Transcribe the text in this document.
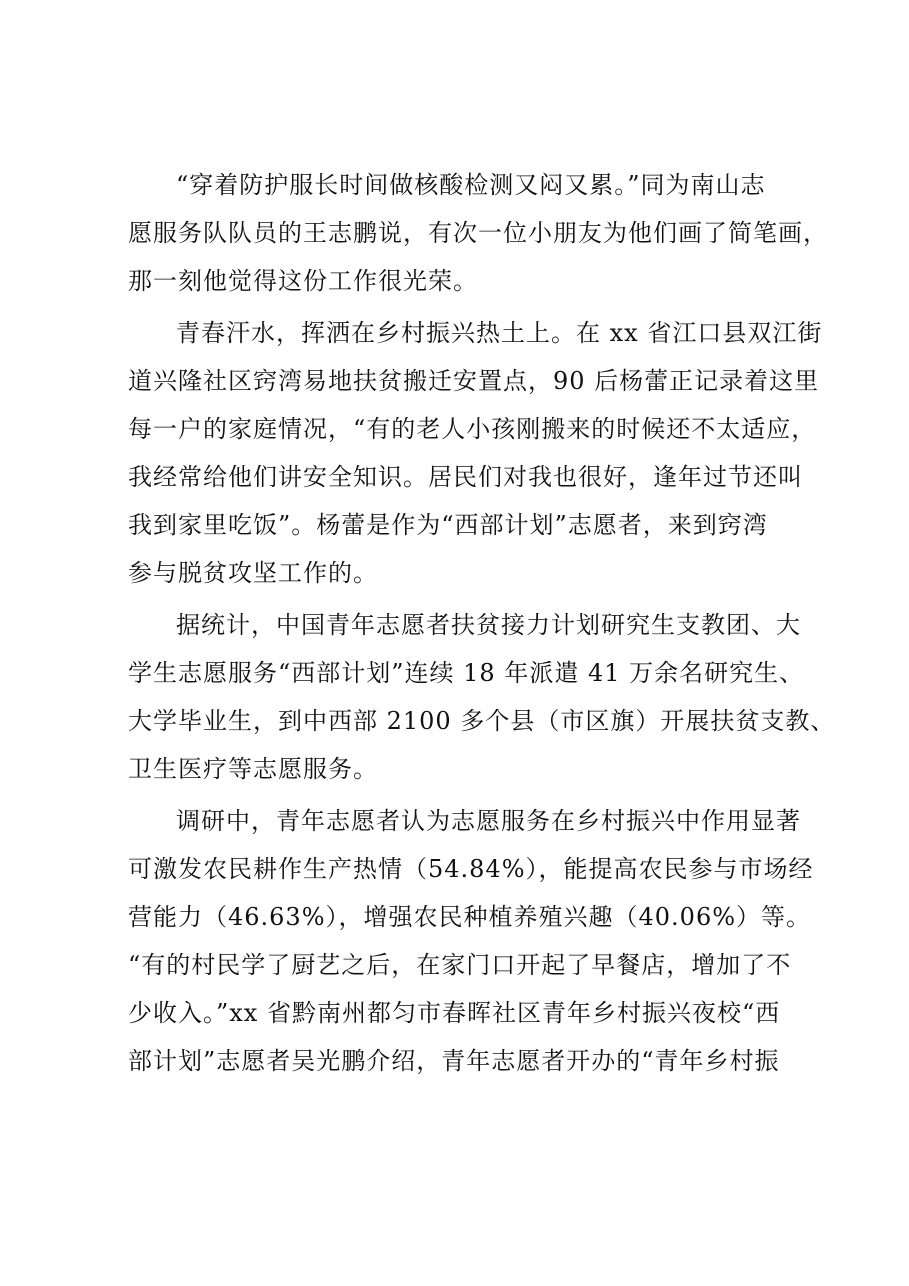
“穿着防护服长时间做核酸检测又闷又累。”同为南山志
愿服务队队员的王志鹏说，有次一位小朋友为他们画了简笔画，
那一刻他觉得这份工作很光荣。

青春汗水，挥洒在乡村振兴热土上。在 xx 省江口县双江街
道兴隆社区窍湾易地扶贫搬迁安置点，90 后杨蕾正记录着这里
每一户的家庭情况，“有的老人小孩刚搬来的时候还不太适应，
我经常给他们讲安全知识。居民们对我也很好，逢年过节还叫
我到家里吃饭”。杨蕾是作为“西部计划”志愿者，来到窍湾
参与脱贫攻坚工作的。

据统计，中国青年志愿者扶贫接力计划研究生支教团、大
学生志愿服务“西部计划”连续 18 年派遣 41 万余名研究生、
大学毕业生，到中西部 2100 多个县（市区旗）开展扶贫支教、
卫生医疗等志愿服务。

调研中，青年志愿者认为志愿服务在乡村振兴中作用显著
可激发农民耕作生产热情（54.84%），能提高农民参与市场经
营能力（46.63%），增强农民种植养殖兴趣（40.06%）等。
“有的村民学了厨艺之后，在家门口开起了早餐店，增加了不
少收入。”xx 省黔南州都匀市春晖社区青年乡村振兴夜校“西
部计划”志愿者吴光鹏介绍，青年志愿者开办的“青年乡村振
